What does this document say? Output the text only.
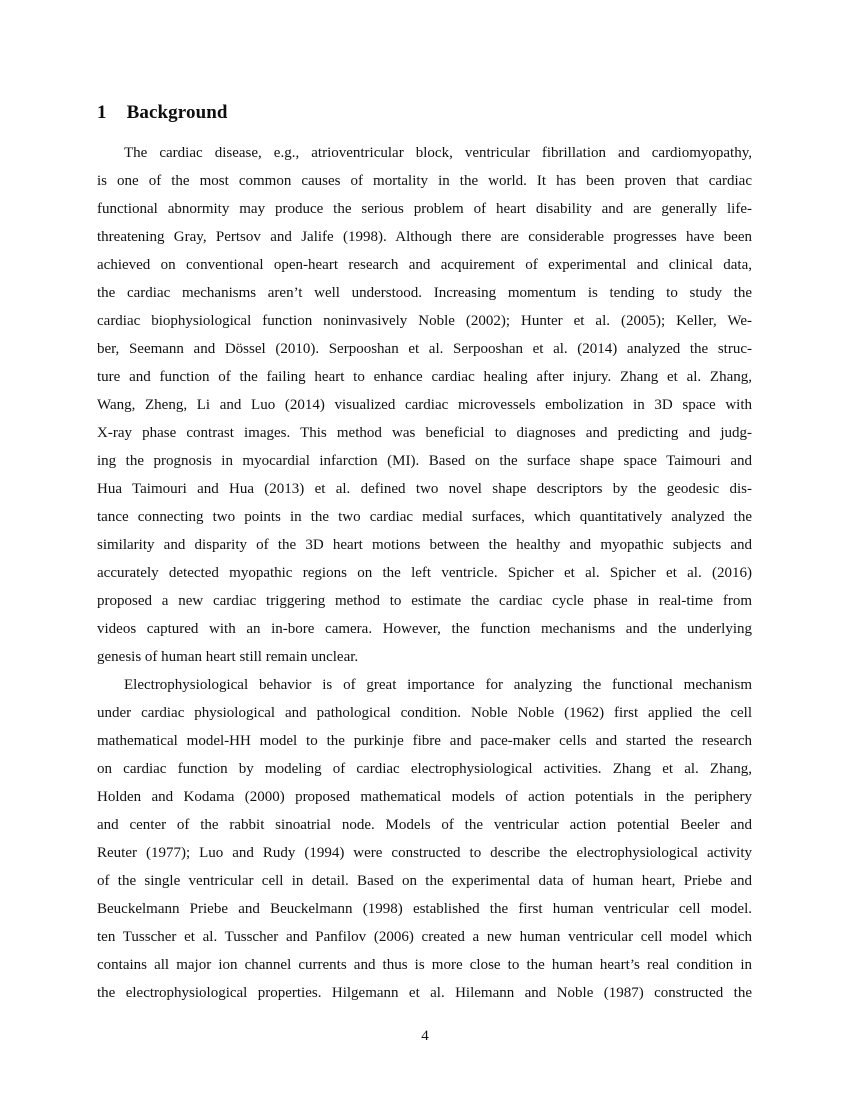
1 Background
The cardiac disease, e.g., atrioventricular block, ventricular fibrillation and cardiomyopathy,
is one of the most common causes of mortality in the world. It has been proven that cardiac
functional abnormity may produce the serious problem of heart disability and are generally life-
threatening Gray, Pertsov and Jalife (1998). Although there are considerable progresses have been
achieved on conventional open-heart research and acquirement of experimental and clinical data,
the cardiac mechanisms aren’t well understood. Increasing momentum is tending to study the
cardiac biophysiological function noninvasively Noble (2002); Hunter et al. (2005); Keller, We-
ber, Seemann and Dössel (2010). Serpooshan et al. Serpooshan et al. (2014) analyzed the struc-
ture and function of the failing heart to enhance cardiac healing after injury. Zhang et al. Zhang,
Wang, Zheng, Li and Luo (2014) visualized cardiac microvessels embolization in 3D space with
X-ray phase contrast images. This method was beneficial to diagnoses and predicting and judg-
ing the prognosis in myocardial infarction (MI). Based on the surface shape space Taimouri and
Hua Taimouri and Hua (2013) et al. defined two novel shape descriptors by the geodesic dis-
tance connecting two points in the two cardiac medial surfaces, which quantitatively analyzed the
similarity and disparity of the 3D heart motions between the healthy and myopathic subjects and
accurately detected myopathic regions on the left ventricle. Spicher et al. Spicher et al. (2016)
proposed a new cardiac triggering method to estimate the cardiac cycle phase in real-time from
videos captured with an in-bore camera. However, the function mechanisms and the underlying
genesis of human heart still remain unclear.
Electrophysiological behavior is of great importance for analyzing the functional mechanism
under cardiac physiological and pathological condition. Noble Noble (1962) first applied the cell
mathematical model-HH model to the purkinje fibre and pace-maker cells and started the research
on cardiac function by modeling of cardiac electrophysiological activities. Zhang et al. Zhang,
Holden and Kodama (2000) proposed mathematical models of action potentials in the periphery
and center of the rabbit sinoatrial node. Models of the ventricular action potential Beeler and
Reuter (1977); Luo and Rudy (1994) were constructed to describe the electrophysiological activity
of the single ventricular cell in detail. Based on the experimental data of human heart, Priebe and
Beuckelmann Priebe and Beuckelmann (1998) established the first human ventricular cell model.
ten Tusscher et al. Tusscher and Panfilov (2006) created a new human ventricular cell model which
contains all major ion channel currents and thus is more close to the human heart’s real condition in
the electrophysiological properties. Hilgemann et al. Hilemann and Noble (1987) constructed the
4
